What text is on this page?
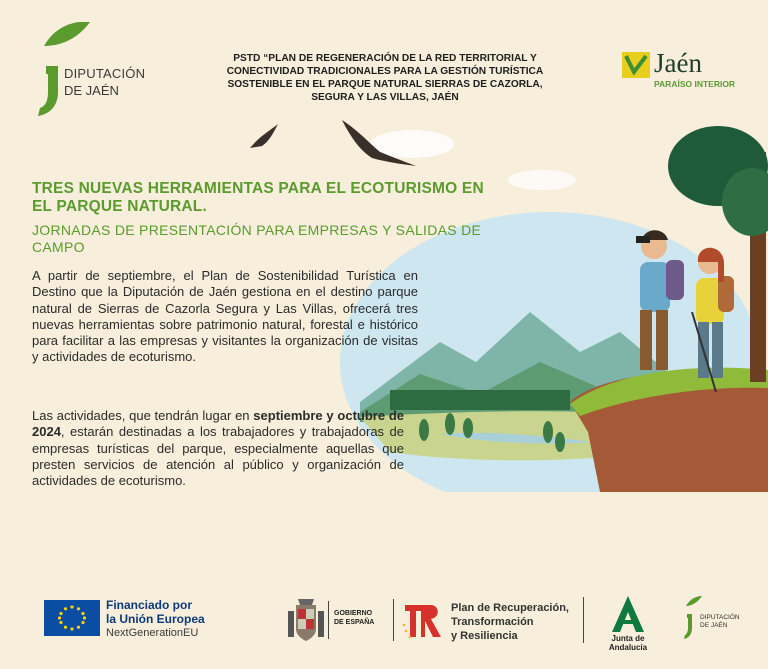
DIPUTACIÓN
DE JAÉN
PSTD “PLAN DE REGENERACIÓN DE LA RED TERRITORIAL Y CONECTIVIDAD TRADICIONALES PARA LA GESTIÓN TURÍSTICA SOSTENIBLE EN EL PARQUE NATURAL SIERRAS DE CAZORLA, SEGURA Y LAS VILLAS, JAÉN
Jaén
PARAÍSO INTERIOR
TRES NUEVAS HERRAMIENTAS PARA EL ECOTURISMO EN EL PARQUE NATURAL.
JORNADAS DE PRESENTACIÓN PARA EMPRESAS Y SALIDAS DE CAMPO
A partir de septiembre, el Plan de Sostenibilidad Turística en Destino que la Diputación de Jaén gestiona en el destino parque natural de Sierras de Cazorla Segura y Las Villas, ofrecerá tres nuevas herramientas sobre patrimonio natural, forestal e histórico para facilitar a las empresas y visitantes la organización de visitas y actividades de ecoturismo.
Las actividades, que tendrán lugar en septiembre y octubre de 2024, estarán destinadas a los trabajadores y trabajadoras de empresas turísticas del parque, especialmente aquellas que presten servicios de atención al público y organización de actividades de ecoturismo.
Financiado por
la Unión Europea
NextGenerationEU
GOBIERNO
DE ESPAÑA
Plan de Recuperación,
Transformación
y Resiliencia	Junta de Andalucía
DIPUTACIÓN
DE JAÉN
